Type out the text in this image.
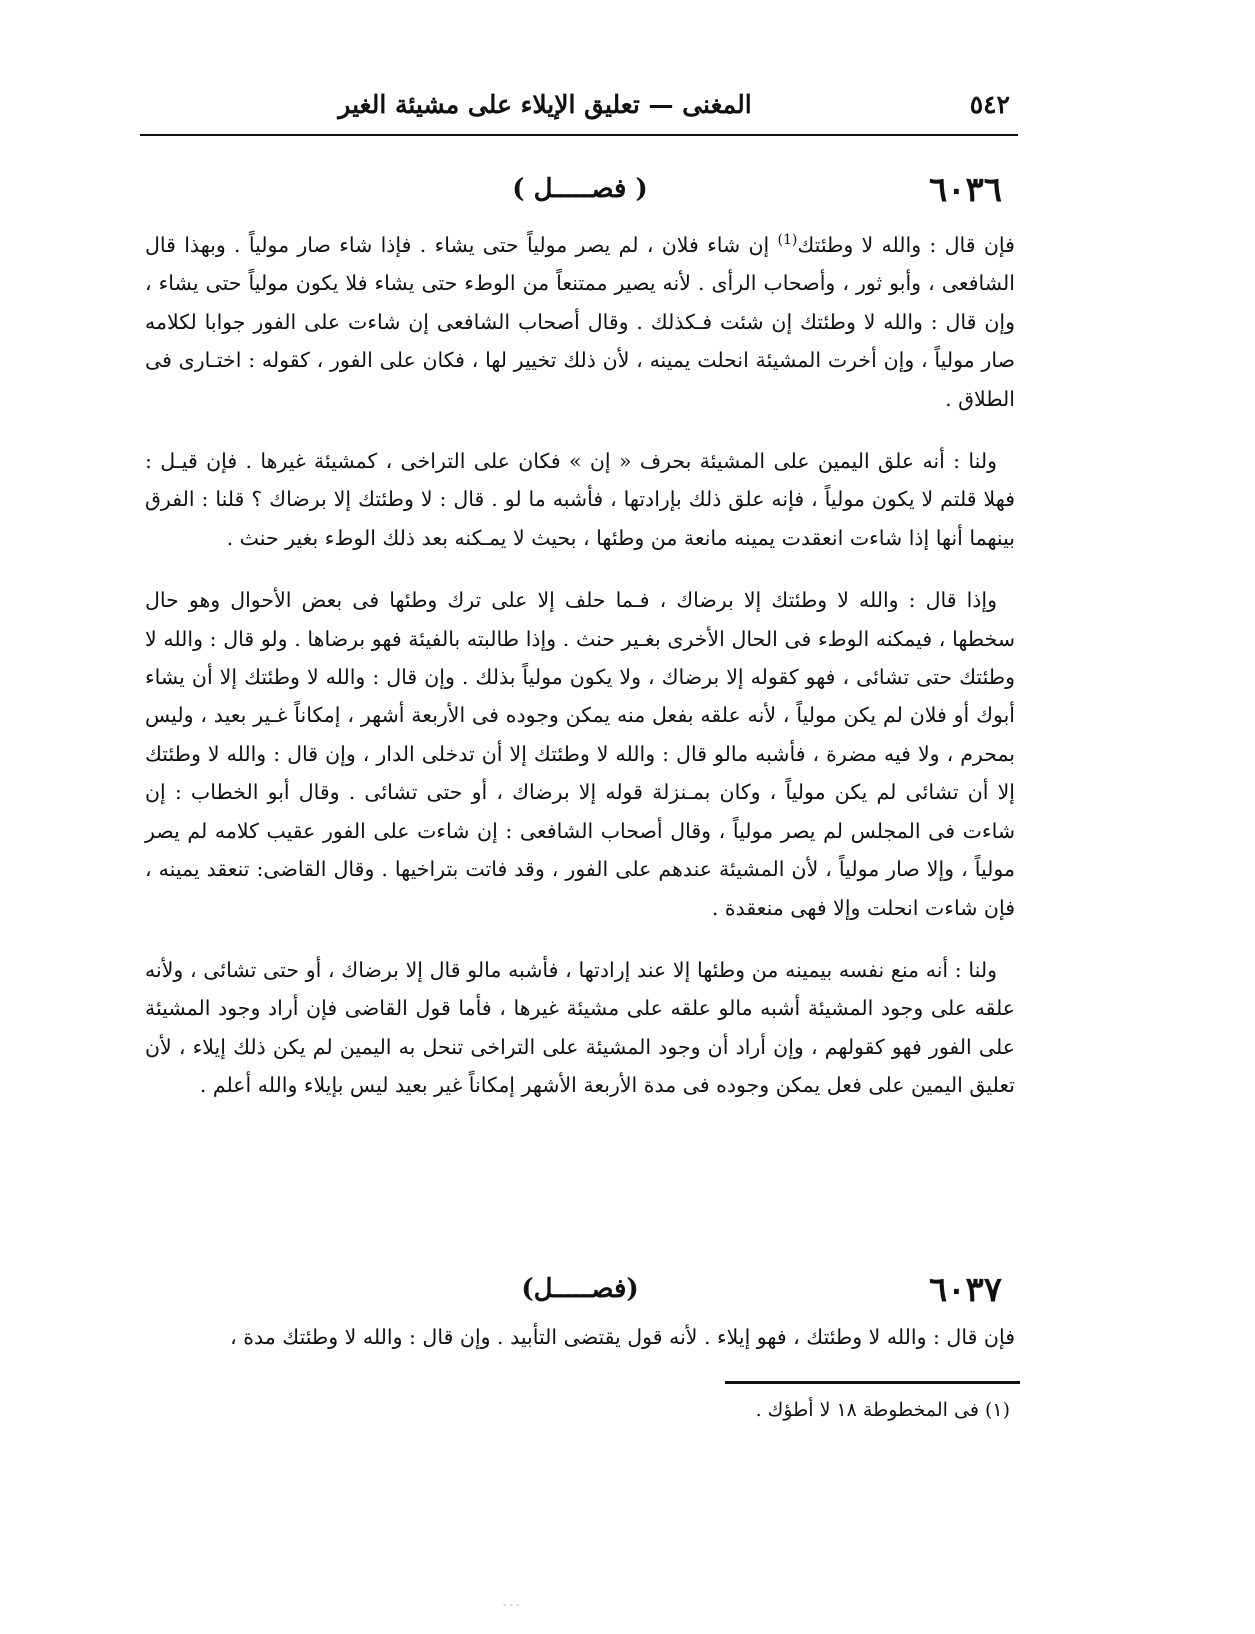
٥٤٢
المغنى — تعليق الإيلاء على مشيئة الغير
٦٠٣٦
( فصـــــل )

فإن قال : والله لا وطئتك$^{(1)}$ إن شاء فلان ، لم يصر مولياً حتى يشاء . فإذا شاء صار مولياً . وبهذا قال الشافعى ، وأبو ثور ، وأصحاب الرأى . لأنه يصير ممتنعاً من الوطء حتى يشاء فلا يكون مولياً حتى يشاء ، وإن قال : والله لا وطئتك إن شئت فـكذلك . وقال أصحاب الشافعى إن شاءت على الفور جوابا لكلامه صار مولياً ، وإن أخرت المشيئة انحلت يمينه ، لأن ذلك تخيير لها ، فكان على الفور ، كقوله : اختـارى فى الطلاق .

ولنا : أنه علق اليمين على المشيئة بحرف « إن » فكان على التراخى ، كمشيئة غيرها . فإن قيـل : فهلا قلتم لا يكون مولياً ، فإنه علق ذلك بإرادتها ، فأشبه ما لو . قال : لا وطئتك إلا برضاك ؟ قلنا : الفرق بينهما أنها إذا شاءت انعقدت يمينه مانعة من وطئها ، بحيث لا يمـكنه بعد ذلك الوطء بغير حنث .

وإذا قال : والله لا وطئتك إلا برضاك ، فـما حلف إلا على ترك وطئها فى بعض الأحوال وهو حال سخطها ، فيمكنه الوطء فى الحال الأخرى بغـير حنث . وإذا طالبته بالفيئة فهو برضاها . ولو قال : والله لا وطئتك حتى تشائى ، فهو كقوله إلا برضاك ، ولا يكون مولياً بذلك . وإن قال : والله لا وطئتك إلا أن يشاء أبوك أو فلان لم يكن مولياً ، لأنه علقه بفعل منه يمكن وجوده فى الأربعة أشهر ، إمكاناً غـير بعيد ، وليس بمحرم ، ولا فيه مضرة ، فأشبه مالو قال : والله لا وطئتك إلا أن تدخلى الدار ، وإن قال : والله لا وطئتك إلا أن تشائى لم يكن مولياً ، وكان بمـنزلة قوله إلا برضاك ، أو حتى تشائى . وقال أبو الخطاب : إن شاءت فى المجلس لم يصر مولياً ، وقال أصحاب الشافعى : إن شاءت على الفور عقيب كلامه لم يصر مولياً ، وإلا صار مولياً ، لأن المشيئة عندهم على الفور ، وقد فاتت بتراخيها . وقال القاضى: تنعقد يمينه ، فإن شاءت انحلت وإلا فهى منعقدة .

ولنا : أنه منع نفسه بيمينه من وطئها إلا عند إرادتها ، فأشبه مالو قال إلا برضاك ، أو حتى تشائى ، ولأنه علقه على وجود المشيئة أشبه مالو علقه على مشيئة غيرها ، فأما قول القاضى فإن أراد وجود المشيئة على الفور فهو كقولهم ، وإن أراد أن وجود المشيئة على التراخى تنحل به اليمين لم يكن ذلك إيلاء ، لأن تعليق اليمين على فعل يمكن وجوده فى مدة الأربعة الأشهر إمكاناً غير بعيد ليس بإيلاء والله أعلم .

٦٠٣٧
(فصـــــل)

فإن قال : والله لا وطئتك ، فهو إيلاء . لأنه قول يقتضى التأبيد . وإن قال : والله لا وطئتك مدة ،

(١) فى المخطوطة ١٨ لا أطؤك .
- - -
